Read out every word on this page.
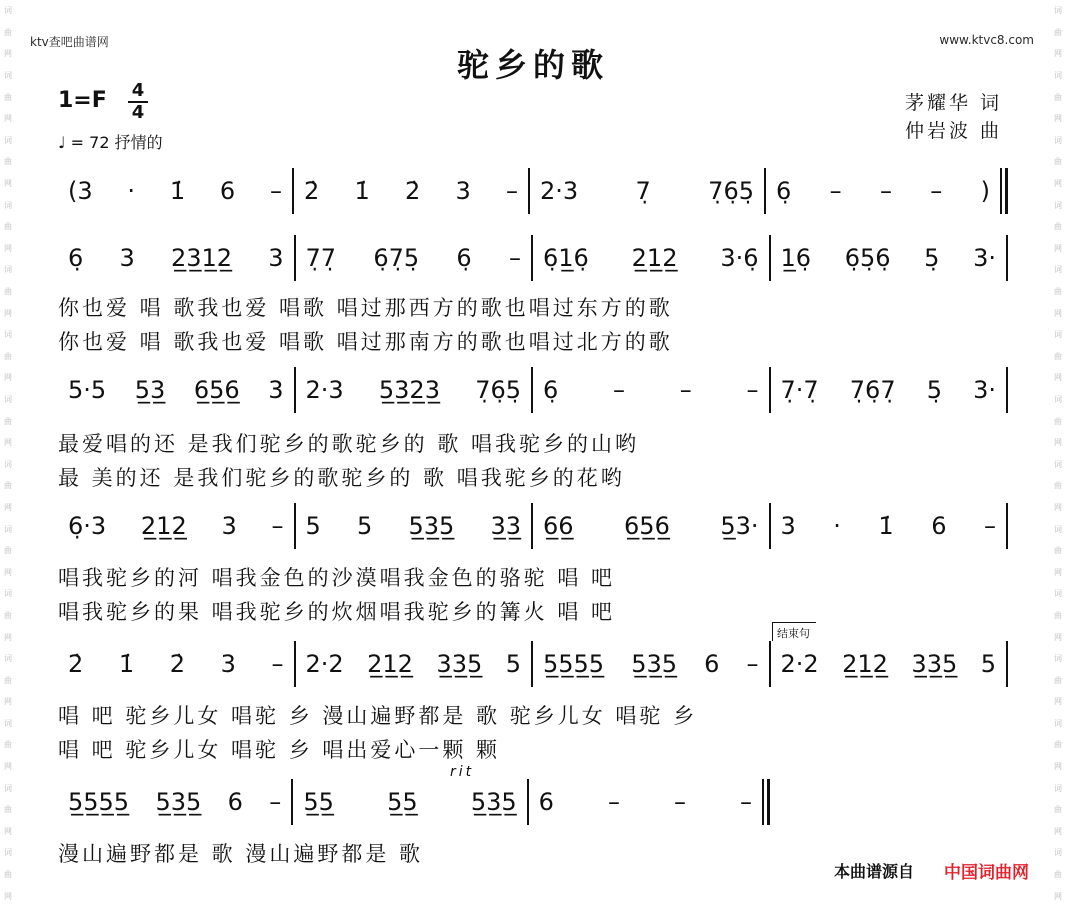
词
曲
网
词
曲
网
词
曲
网
词
曲
网
词
曲
网
词
曲
网
词
曲
网
词
曲
网
词
曲
网
词
曲
网
词
曲
网
词
曲
网
词
曲
网
词
曲
网
词
曲
网
词
曲
网
词
曲
网
词
曲
网
词
曲
网
词
曲
网
词
曲
网
词
曲
网
词
曲
网
词
曲
网
词
曲
网
词
曲
网
词
曲
网
词
曲
网
ktv查吧曲谱网	www.ktvc8.com
驼乡的歌
1=F 4
4
♩ = 72 抒情的
茅耀华 词
仲岩波 曲
(3 · 1̇ 6 – 2̇ 1̇ 2̇ 3 – 2·3 7̣ 7̣6̣5̣ 6̣ – – – )
6̣ 3 2̲3̲1̲2̲ 3 7̣7̣ 6̣7̣5̣ 6̣ – 6̣1̲6̣ 2̲1̲2̲ 3·6̣ 1̲6̣ 6̣5̣6̣ 5̣ 3·
5·5 5̲3̲ 6̲5̲6̲ 3 2·3 5̲3̲2̲3̲ 7̣6̣5̣ 6̣ – – – 7̣·7̣ 7̣6̣7̣ 5̣ 3·
6̣·3 2̲1̲2̲ 3 – 5 5 5̲3̲5̲ 3̲3̲ 6̲6̲ 6̲5̲6̲ 5̲3· 3 · 1̇ 6 –
2̇ 1̇ 2̇ 3 – 2·2 2̲1̲2̲ 3̲3̲5̲ 5 5̲5̲5̲5̲ 5̲3̲5̲ 6 – 2·2 2̲1̲2̲ 3̲3̲5̲ 5
5̲5̲5̲5̲ 5̲3̲5̲ 6 – 5̲5̲ 5̲5̲ 5̲3̲5̲ 6 – – –
结束句
rit
你也爱 唱 歌我也爱 唱歌 唱过那西方的歌也唱过东方的歌
你也爱 唱 歌我也爱 唱歌 唱过那南方的歌也唱过北方的歌
最爱唱的还 是我们驼乡的歌驼乡的 歌 唱我驼乡的山哟
最 美的还 是我们驼乡的歌驼乡的 歌 唱我驼乡的花哟
唱我驼乡的河 唱我金色的沙漠唱我金色的骆驼 唱 吧
唱我驼乡的果 唱我驼乡的炊烟唱我驼乡的篝火 唱 吧
唱 吧 驼乡儿女 唱驼 乡 漫山遍野都是 歌 驼乡儿女 唱驼 乡
唱 吧 驼乡儿女 唱驼 乡 唱出爱心一颗 颗
漫山遍野都是 歌 漫山遍野都是 歌
本曲谱源自 中国词曲网
